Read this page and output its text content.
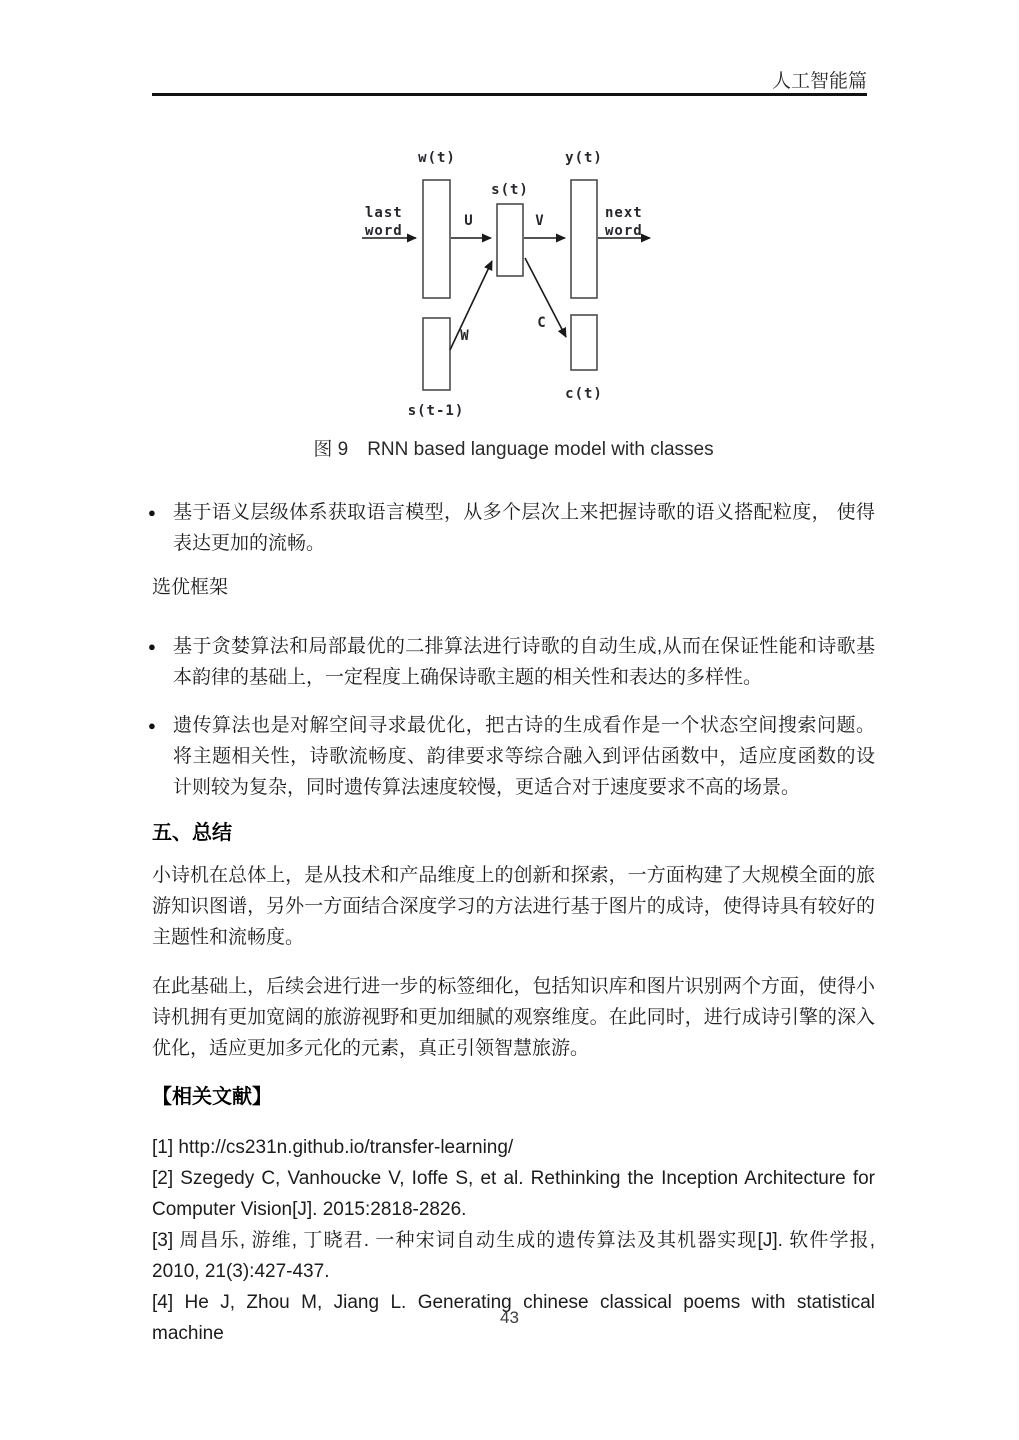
人工智能篇
w(t)
s(t)
y(t)
U	V
last
word
next
word
W
C
s(t-1)
c(t)
图 9　RNN based language model with classes
● 基于语义层级体系获取语言模型，从多个层次上来把握诗歌的语义搭配粒度， 使得表达更加的流畅。
选优框架
● 基于贪婪算法和局部最优的二排算法进行诗歌的自动生成,从而在保证性能和诗歌基本韵律的基础上，一定程度上确保诗歌主题的相关性和表达的多样性。
● 遗传算法也是对解空间寻求最优化，把古诗的生成看作是一个状态空间搜索问题。将主题相关性，诗歌流畅度、韵律要求等综合融入到评估函数中，适应度函数的设计则较为复杂，同时遗传算法速度较慢，更适合对于速度要求不高的场景。
五、总结
小诗机在总体上，是从技术和产品维度上的创新和探索，一方面构建了大规模全面的旅游知识图谱，另外一方面结合深度学习的方法进行基于图片的成诗，使得诗具有较好的主题性和流畅度。
在此基础上，后续会进行进一步的标签细化，包括知识库和图片识别两个方面，使得小诗机拥有更加宽阔的旅游视野和更加细腻的观察维度。在此同时，进行成诗引擎的深入优化，适应更加多元化的元素，真正引领智慧旅游。
【相关文献】

[1] http://cs231n.github.io/transfer-learning/

[2] Szegedy C, Vanhoucke V, Ioffe S, et al. Rethinking the Inception Architecture for Computer Vision[J]. 2015:2818-2826.

[3] 周昌乐, 游维, 丁晓君. 一种宋词自动生成的遗传算法及其机器实现[J]. 软件学报, 2010, 21(3):427-437.

[4] He J, Zhou M, Jiang L. Generating chinese classical poems with statistical machine

43
